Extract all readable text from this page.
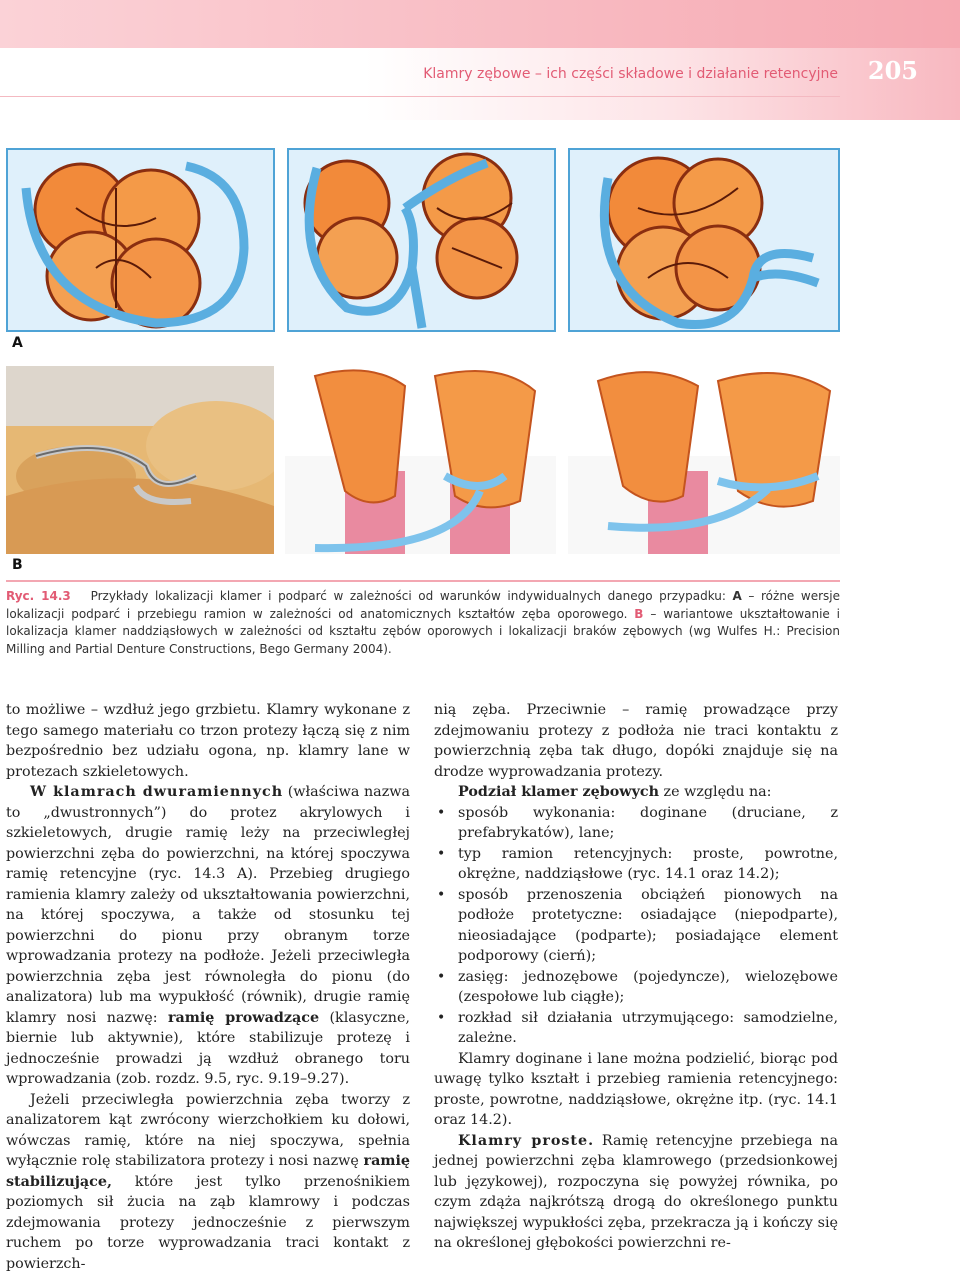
Klamry zębowe – ich części składowe i działanie retencyjne 205
A
B
Ryc. 14.3 Przykłady lokalizacji klamer i podparć w zależności od warunków indywidualnych danego przypadku: A – różne wersje lokalizacji podparć i przebiegu ramion w zależności od anatomicznych kształtów zęba oporowego. B – wariantowe ukształtowanie i lokalizacja klamer naddziąsłowych w zależności od kształtu zębów oporowych i lokalizacji braków zębowych (wg Wulfes H.: Precision Milling and Partial Denture Constructions, Bego Germany 2004).

to możliwe – wzdłuż jego grzbietu. Klamry wykonane z tego samego materiału co trzon protezy łączą się z nim bezpośrednio bez udziału ogona, np. klamry lane w protezach szkieletowych.

W klamrach dwuramiennych (właściwa nazwa to „dwustronnych”) do protez akrylowych i szkieletowych, drugie ramię leży na przeciwległej powierzchni zęba do powierzchni, na której spoczywa ramię retencyjne (ryc. 14.3 A). Przebieg drugiego ramienia klamry zależy od ukształtowania powierzchni, na której spoczywa, a także od stosunku tej powierzchni do pionu przy obranym torze wprowadzania protezy na podłoże. Jeżeli przeciwległa powierzchnia zęba jest równoległa do pionu (do analizatora) lub ma wypukłość (równik), drugie ramię klamry nosi nazwę: ramię prowadzące (klasyczne, biernie lub aktywnie), które stabilizuje protezę i jednocześnie prowadzi ją wzdłuż obranego toru wprowadzania (zob. rozdz. 9.5, ryc. 9.19–9.27).

Jeżeli przeciwległa powierzchnia zęba tworzy z analizatorem kąt zwrócony wierzchołkiem ku dołowi, wówczas ramię, które na niej spoczywa, spełnia wyłącznie rolę stabilizatora protezy i nosi nazwę ramię stabilizujące, które jest tylko przenośnikiem poziomych sił żucia na ząb klamrowy i podczas zdejmowania protezy jednocześnie z pierwszym ruchem po torze wyprowadzania traci kontakt z powierzch-

nią zęba. Przeciwnie – ramię prowadzące przy zdejmowaniu protezy z podłoża nie traci kontaktu z powierzchnią zęba tak długo, dopóki znajduje się na drodze wyprowadzania protezy.

Podział klamer zębowych ze względu na:

• sposób wykonania: doginane (druciane, z prefabrykatów), lane;
• typ ramion retencyjnych: proste, powrotne, okrężne, naddziąsłowe (ryc. 14.1 oraz 14.2);
• sposób przenoszenia obciążeń pionowych na podłoże protetyczne: osiadające (niepodparte), nieosiadające (podparte); posiadające element podporowy (cierń);
• zasięg: jednozębowe (pojedyncze), wielozębowe (zespołowe lub ciągłe);
• rozkład sił działania utrzymującego: samodzielne, zależne.

Klamry doginane i lane można podzielić, biorąc pod uwagę tylko kształt i przebieg ramienia retencyjnego: proste, powrotne, naddziąsłowe, okrężne itp. (ryc. 14.1 oraz 14.2).

Klamry proste. Ramię retencyjne przebiega na jednej powierzchni zęba klamrowego (przedsionkowej lub językowej), rozpoczyna się powyżej równika, po czym zdąża najkrótszą drogą do określonego punktu największej wypukłości zęba, przekracza ją i kończy się na określonej głębokości powierzchni re-
